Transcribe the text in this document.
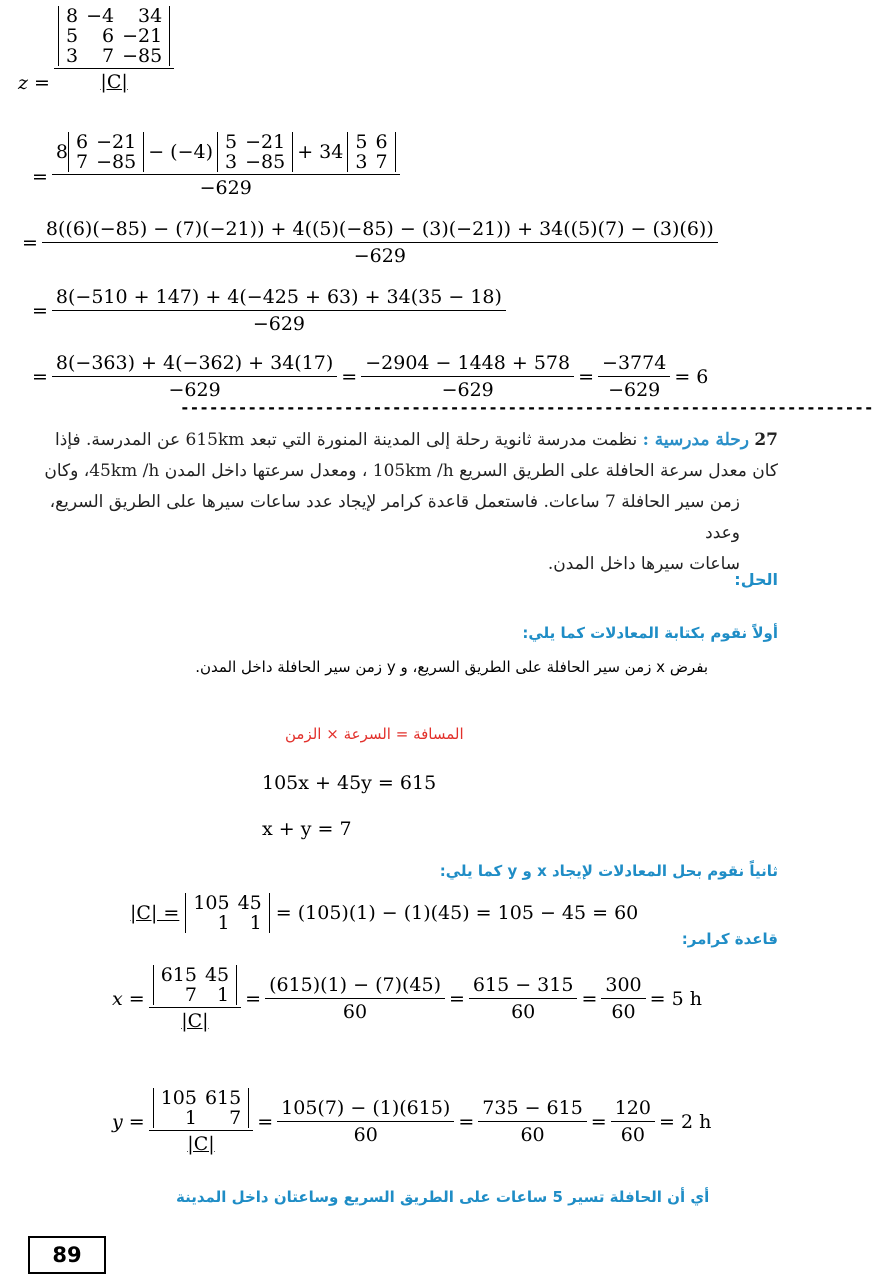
z =
8
5
3
−4
6
7
34
−21
−85
|C|
=
8 6
7
−21
−85 − (−4) 5
3
−21
−85 + 34 5
3
6
7
−629
=
8((6)(−85) − (7)(−21)) + 4((5)(−85) − (3)(−21)) + 34((5)(7) − (3)(6))
−629
= $\frac{8(-510 + 147) + 4(-425 + 63) + 34(35 - 18)}{-629}$
= $\frac{8(-363) + 4(-362) + 34(17)}{-629} = \frac{-2904 - 1448 + 578}{-629} = \frac{-3774}{-629} = 6$
------------------------------------------------------------------------
27 رحلة مدرسية : نظمت مدرسة ثانوية رحلة إلى المدينة المنورة التي تبعد 615km عن المدرسة. فإذا
كان معدل سرعة الحافلة على الطريق السريع 105km /h ، ومعدل سرعتها داخل المدن 45km /h، وكان
زمن سير الحافلة 7 ساعات. فاستعمل قاعدة كرامر لإيجاد عدد ساعات سيرها على الطريق السريع، وعدد
ساعات سيرها داخل المدن.
الحل:
أولاً نقوم بكتابة المعادلات كما يلي:
بفرض x زمن سير الحافلة على الطريق السريع، و y زمن سير الحافلة داخل المدن.
المسافة = السرعة × الزمن
105x + 45y = 615
x + y = 7
ثانياً نقوم بحل المعادلات لإيجاد x و y كما يلي:
|C| = 105
1
45
1 = (105)(1) − (1)(45) = 105 − 45 = 60
قاعدة كرامر:
x = 615
7
45
1
$|C| = \frac{(615)(1) - (7)(45)}{60} = \frac{615 - 315}{60} = \frac{300}{60} = 5$ h
y = 105
1
615
7
$|C| = \frac{105(7) - (1)(615)}{60} = \frac{735 - 615}{60} = \frac{120}{60} = 2$ h
أي أن الحافلة تسير 5 ساعات على الطريق السريع وساعتان داخل المدينة
89
